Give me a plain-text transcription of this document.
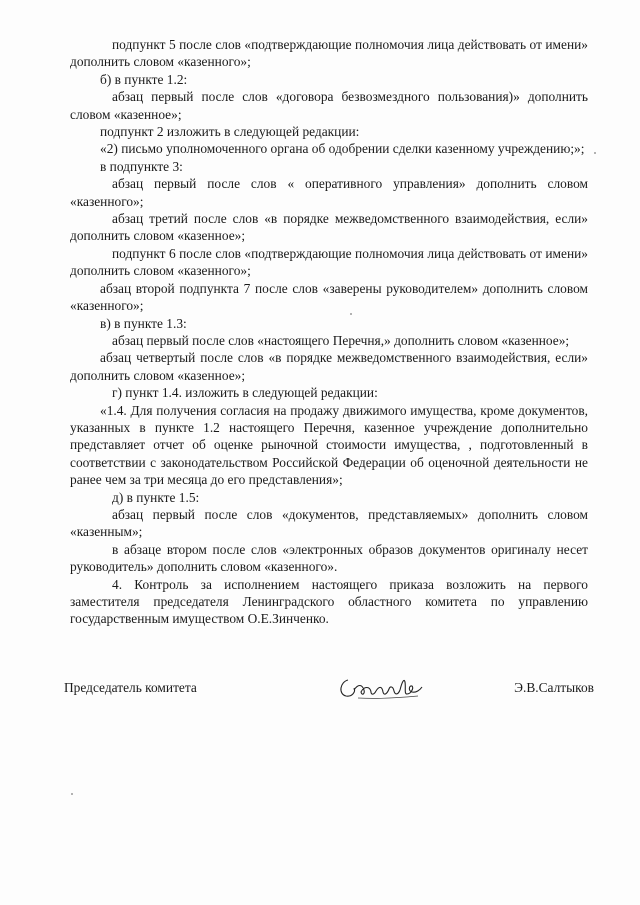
подпункт 5 после слов «подтверждающие полномочия лица действовать от имени» дополнить словом «казенного»;

б) в пункте 1.2:

абзац первый после слов «договора безвозмездного пользования)» дополнить словом «казенное»;

подпункт 2 изложить в следующей редакции:

«2) письмо уполномоченного органа об одобрении сделки казенному учреждению;»;

в подпункте 3:

абзац первый после слов « оперативного управления» дополнить словом «казенного»;

абзац третий после слов «в порядке межведомственного взаимодействия, если» дополнить словом «казенное»;

подпункт 6 после слов «подтверждающие полномочия лица действовать от имени» дополнить словом «казенного»;

абзац второй подпункта 7 после слов «заверены руководителем» дополнить словом «казенного»;

в) в пункте 1.3:

абзац первый после слов «настоящего Перечня,» дополнить словом «казенное»;

абзац четвертый после слов «в порядке межведомственного взаимодействия, если» дополнить словом «казенное»;

г) пункт 1.4. изложить в следующей редакции:

«1.4. Для получения согласия на продажу движимого имущества, кроме документов, указанных в пункте 1.2 настоящего Перечня, казенное учреждение дополнительно представляет отчет об оценке рыночной стоимости имущества, , подготовленный в соответствии с законодательством Российской Федерации об оценочной деятельности не ранее чем за три месяца до его представления»;

д) в пункте 1.5:

абзац первый после слов «документов, представляемых» дополнить словом «казенным»;

в абзаце втором после слов «электронных образов документов оригиналу несет руководитель» дополнить словом «казенного».

4. Контроль за исполнением настоящего приказа возложить на первого заместителя председателя Ленинградского областного комитета по управлению государственным имуществом О.Е.Зинченко.

Председатель комитета	Э.В.Салтыков
